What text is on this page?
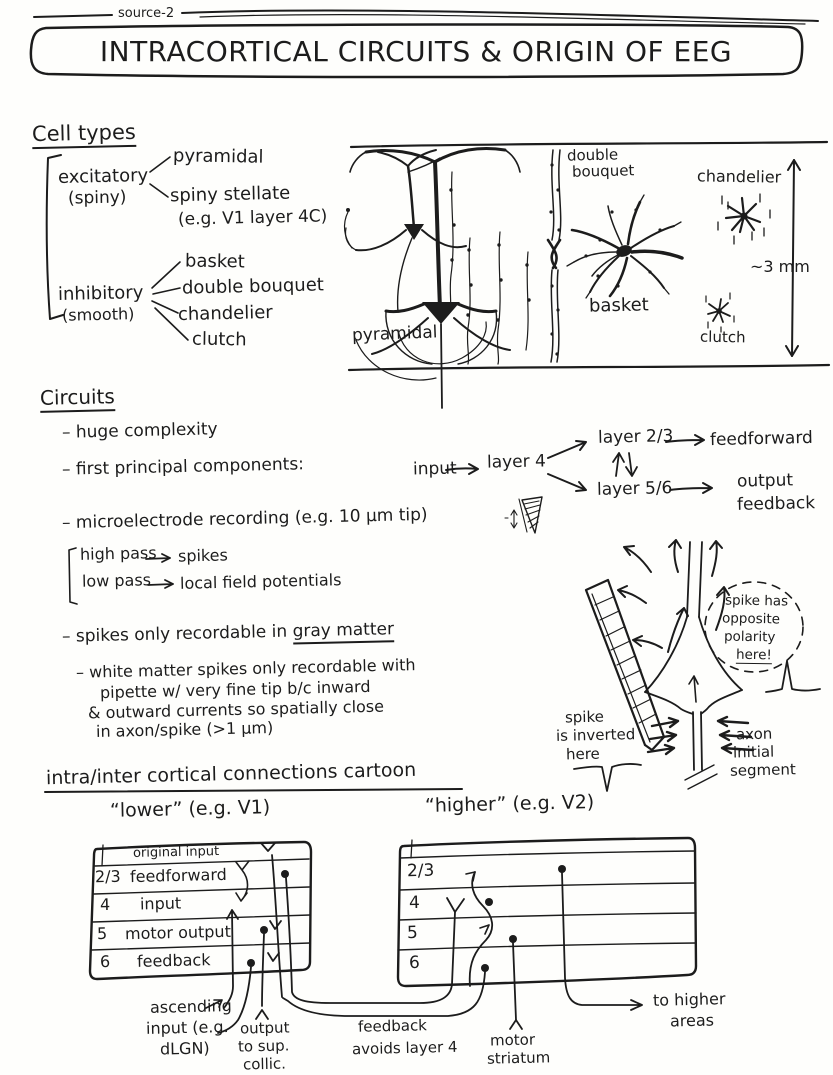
source-2
INTRACORTICAL CIRCUITS & ORIGIN OF EEG
Cell types
excitatory
(spiny)
pyramidal
spiny stellate
(e.g. V1 layer 4C)
inhibitory
(smooth)
basket
double bouquet
chandelier
clutch
double
bouquet	chandelier
pyramidal
basket
clutch
~3 mm
Circuits
– huge complexity
– first principal components:	input layer 4
layer 2/3 feedforward
layer 5/6	output
feedback
– microelectrode recording (e.g. 10 μm tip)
high pass spikes
low pass local field potentials
– spikes only recordable in gray matter
– white matter spikes only recordable with
pipette w/ very fine tip b/c inward
& outward currents so spatially close
in axon/spike (>1 μm)
spike has
opposite
polarity
here!
spike
is inverted
here
axon
initial
segment
intra/inter cortical connections cartoon
“lower” (e.g. V1)	“higher” (e.g. V2)
original input
2/3 feedforward
4 input
5 motor output
6 feedback
2/3
4
5
6
ascending
input (e.g.
dLGN)
output
to sup.
collic.
feedback
avoids layer 4 motor
striatum
to higher
areas
